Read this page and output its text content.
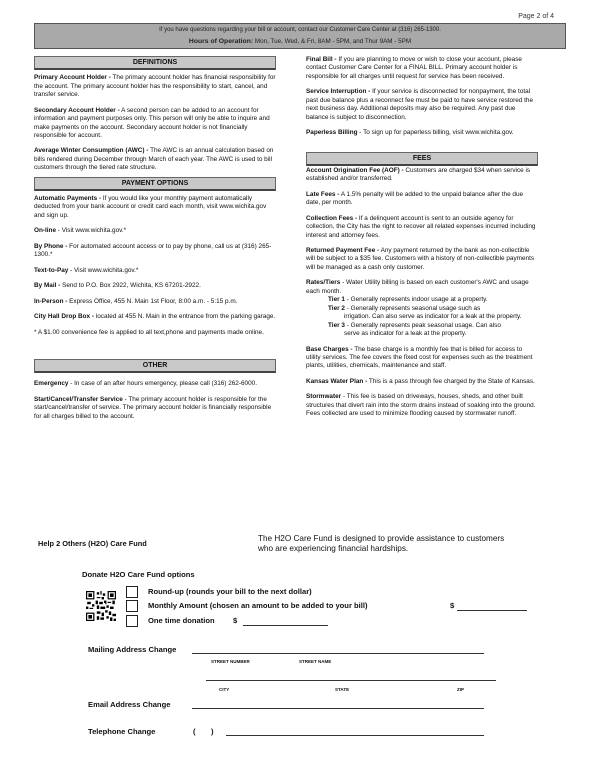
Page 2 of 4
If you have questions regarding your bill or account, contact our Customer Care Center at (316) 265-1300.
Hours of Operation: Mon, Tue, Wed, & Fri, 8AM - 5PM, and Thur 9AM - 5PM
DEFINITIONS
Primary Account Holder - The primary account holder has financial responsibility for the account. The primary account holder has the responsibility to start, cancel, and transfer service.
Secondary Account Holder - A second person can be added to an account for information and payment purposes only. This person will only be able to inquire and make payments on the account. Secondary account holder is not financially responsible for account.
Average Winter Consumption (AWC) - The AWC is an annual calculation based on bills rendered during December through March of each year. The AWC is used to bill customers through the tiered rate structure.
PAYMENT OPTIONS
Automatic Payments - If you would like your monthly payment automatically deducted from your bank account or credit card each month, visit www.wichita.gov and sign up.
On-line - Visit www.wichita.gov.*
By Phone - For automated account access or to pay by phone, call us at (316) 265-1300.*
Text-to-Pay - Visit www.wichita.gov.*
By Mail - Send to P.O. Box 2922, Wichita, KS 67201-2922.
In-Person - Express Office, 455 N. Main 1st Floor, 8:00 a.m. - 5:15 p.m.
City Hall Drop Box - located at 455 N. Main in the entrance from the parking garage.
* A $1.00 convenience fee is applied to all text,phone and payments made online.
OTHER
Emergency - In case of an after hours emergency, please call (316) 262-6000.
Start/Cancel/Transfer Service - The primary account holder is responsible for the start/cancel/transfer of service. The primary account holder is financially responsible for all charges billed to the account.
Final Bill - If you are planning to move or wish to close your account, please contact Customer Care Center for a FINAL BILL. Primary account holder is responsible for all charges until request for service has been received.
Service Interruption - If your service is disconnected for nonpayment, the total past due balance plus a reconnect fee must be paid to have service restored the next business day. Additional deposits may also be required. Any past due balance is subject to disconnection.
Paperless Billing - To sign up for paperless billing, visit www.wichita.gov.
FEES
Account Origination Fee (AOF) - Customers are charged $34 when service is established and/or transferred.
Late Fees - A 1.5% penalty will be added to the unpaid balance after the due date, per month.
Collection Fees - If a delinquent account is sent to an outside agency for collection, the City has the right to recover all related expenses incurred including interest and attorney fees.
Returned Payment Fee - Any payment returned by the bank as non-collectible will be subject to a $35 fee. Customers with a history of non-collectible payments will be managed as a cash only customer.
Rates/Tiers - Water Utility billing is based on each customer's AWC and usage each month.
Tier 1 - Generally represents indoor usage at a property.
Tier 2 - Generally represents seasonal usage such as
irrigation. Can also serve as indicator for a leak at the property.
Tier 3 - Generally represents peak seasonal usage. Can also
serve as indicator for a leak at the property.
Base Charges - The base charge is a monthly fee that is billed for access to utility services. The fee covers the fixed cost for expenses such as the treatment plants, utilities, chemicals, maintenance and staff.
Kansas Water Plan - This is a pass through fee charged by the State of Kansas.
Stormwater - This fee is based on driveways, houses, sheds, and other built structures that divert rain into the storm drains instead of soaking into the ground. Fees collected are used to minimize flooding caused by stormwater runoff.
Help 2 Others (H2O) Care Fund
The H2O Care Fund is designed to provide assistance to customers who are experiencing financial hardships.
Donate H2O Care Fund options
Round-up (rounds your bill to the next dollar)
Monthly Amount (chosen an amount to be added to your bill)	$
One time donation $
Mailing Address Change
STREET NUMBER	STREET NAME
CITY	STATE	ZIP
Email Address Change
Telephone Change	( )
